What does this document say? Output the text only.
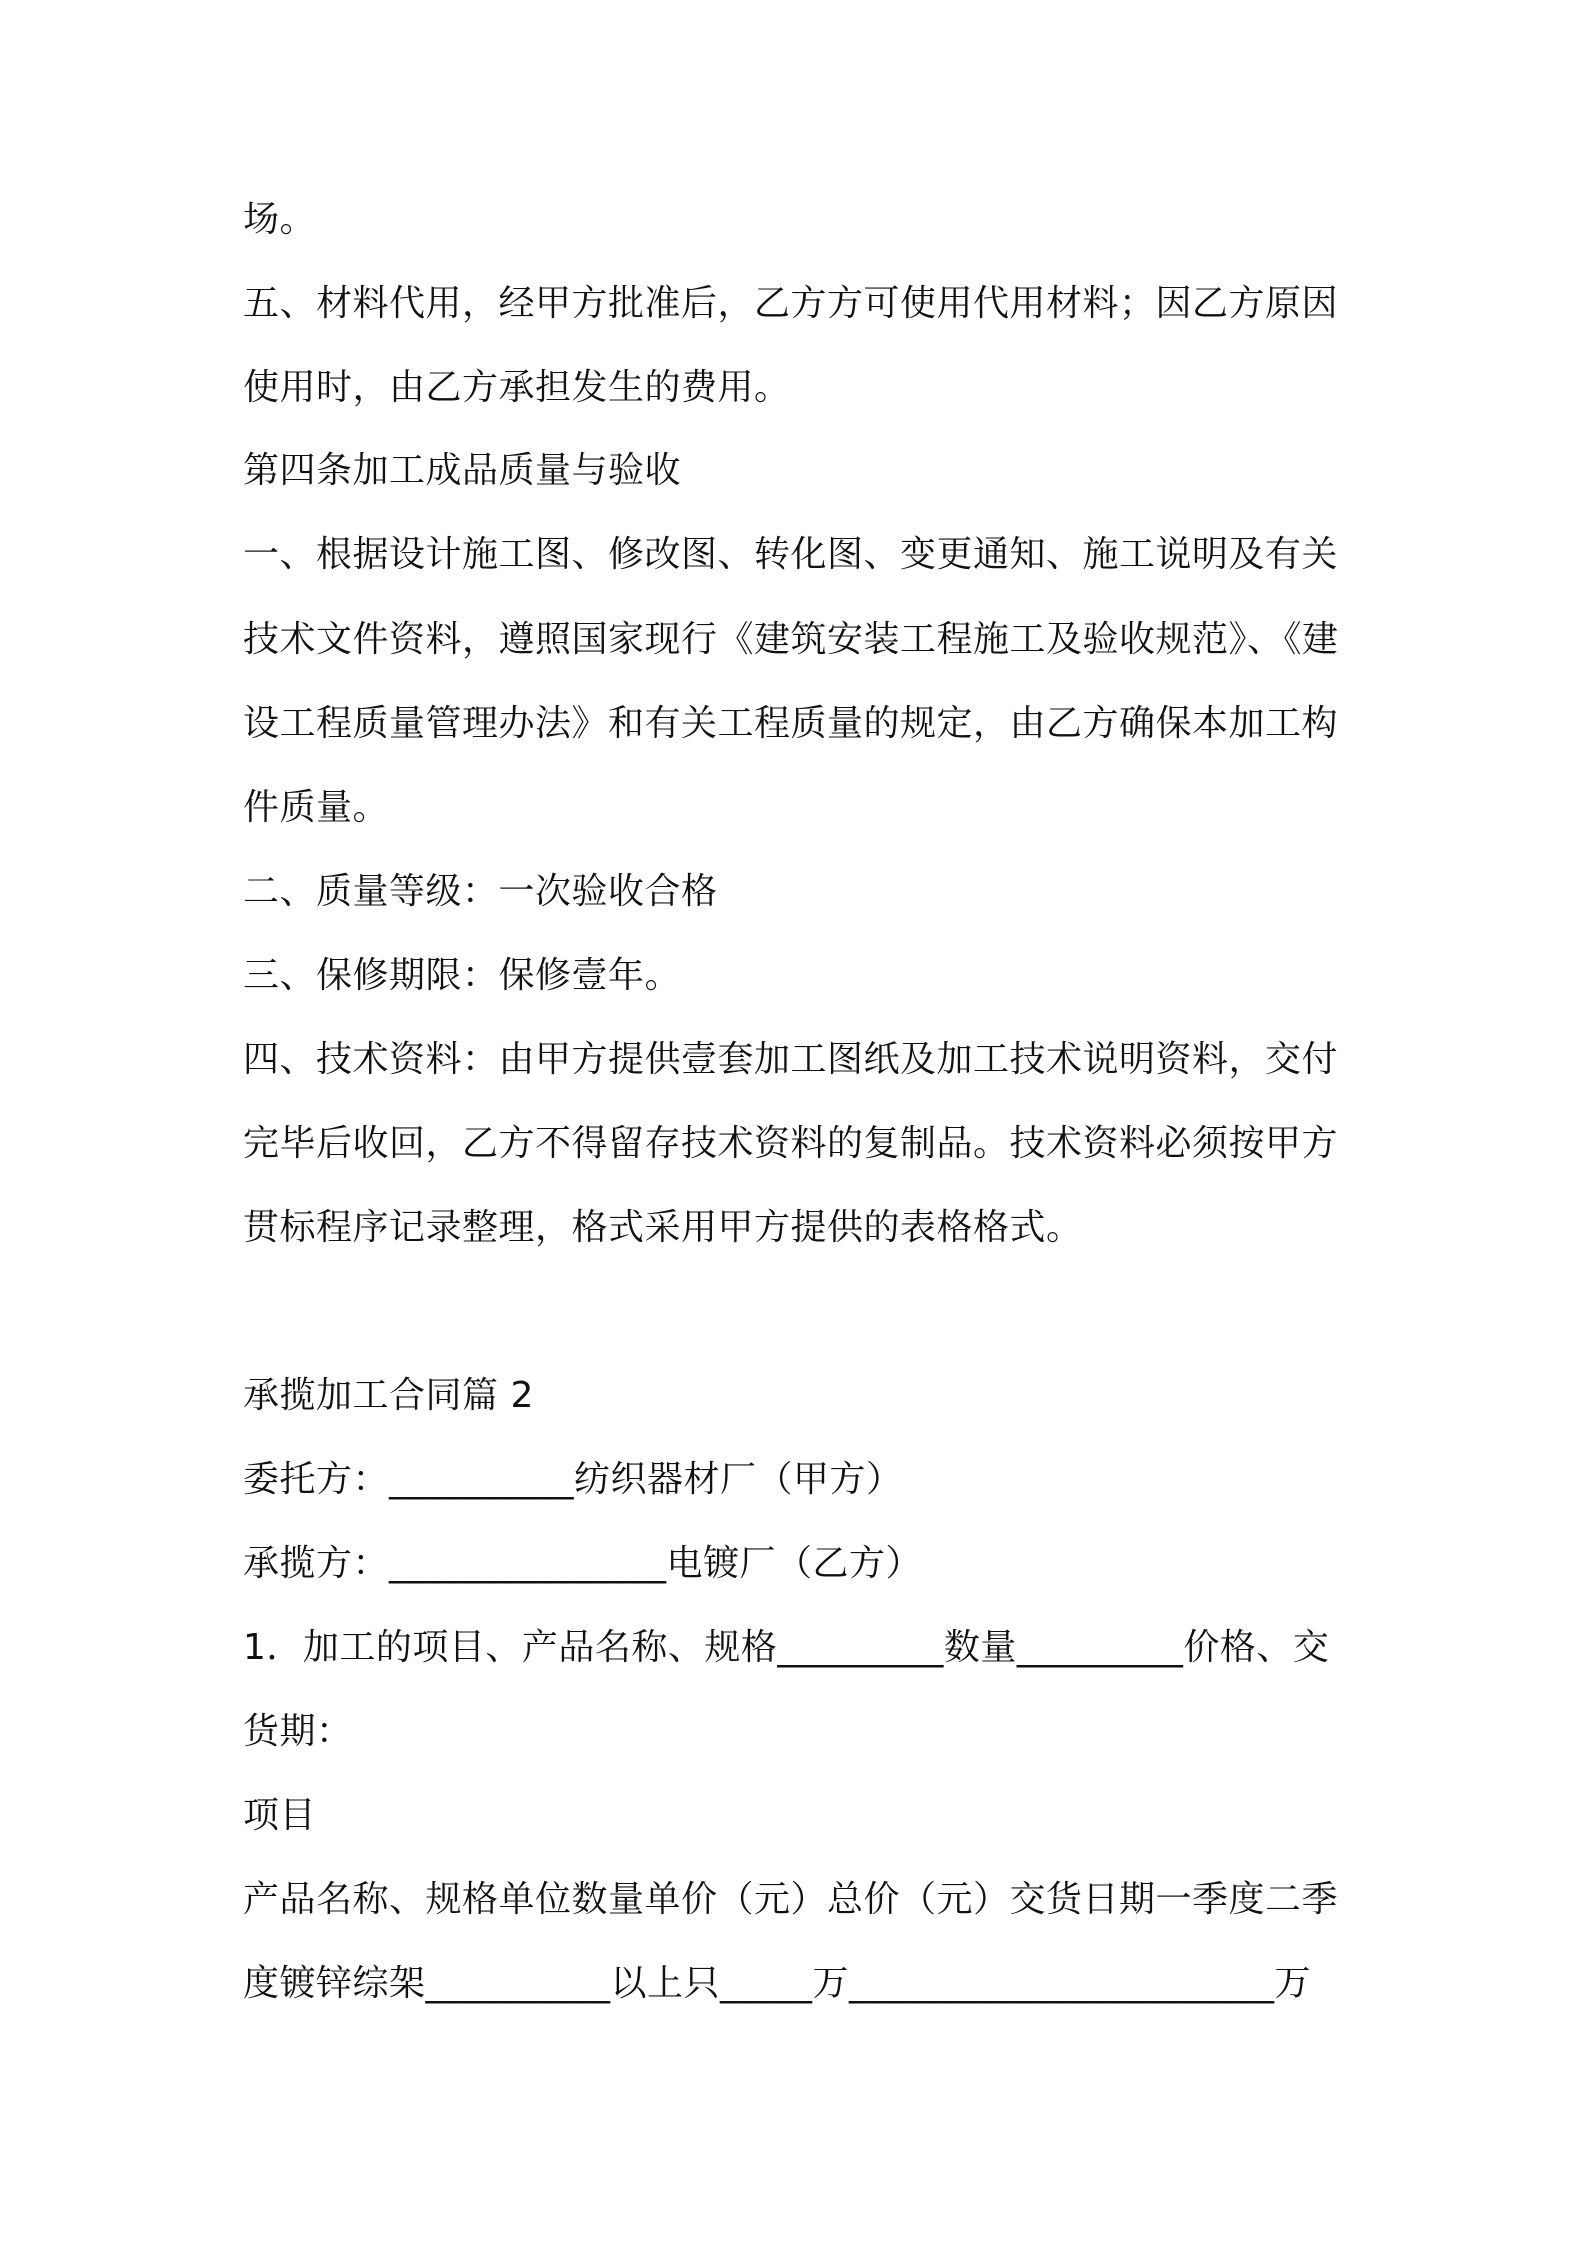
场。
五、材料代用，经甲方批准后，乙方方可使用代用材料；因乙方原因
使用时，由乙方承担发生的费用。
第四条加工成品质量与验收
一、根据设计施工图、修改图、转化图、变更通知、施工说明及有关
技术文件资料，遵照国家现行《建筑安装工程施工及验收规范》、《建
设工程质量管理办法》和有关工程质量的规定，由乙方确保本加工构
件质量。
二、质量等级：一次验收合格
三、保修期限：保修壹年。
四、技术资料：由甲方提供壹套加工图纸及加工技术说明资料，交付
完毕后收回，乙方不得留存技术资料的复制品。技术资料必须按甲方
贯标程序记录整理，格式采用甲方提供的表格格式。
承揽加工合同篇 2
委托方：__________纺织器材厂（甲方）
承揽方：_______________电镀厂（乙方）
1．加工的项目、产品名称、规格_________数量_________价格、交
货期：
项目
产品名称、规格单位数量单价（元）总价（元）交货日期一季度二季
度镀锌综架__________以上只_____万_______________________万
